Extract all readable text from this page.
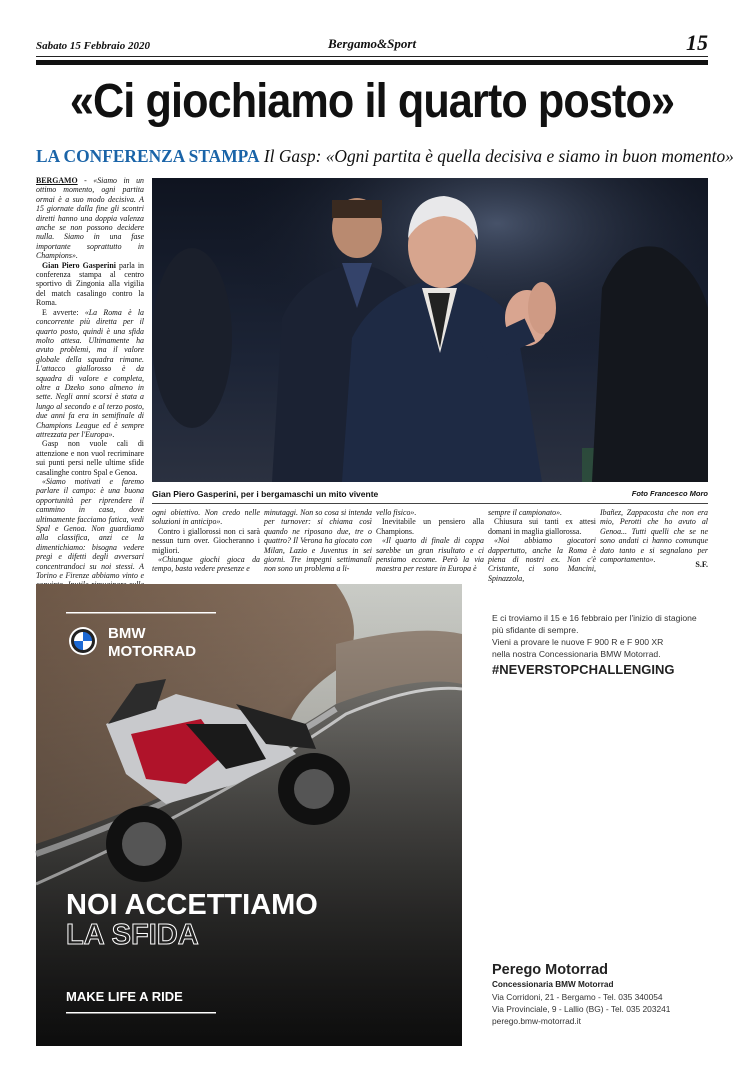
Sabato 15 Febbraio 2020	Bergamo&Sport	15
«Ci giochiamo il quarto posto»
LA CONFERENZA STAMPA Il Gasp: «Ogni partita è quella decisiva e siamo in buon momento»

BERGAMO - «Siamo in un ottimo momento, ogni partita ormai è a suo modo decisiva. A 15 giornate dalla fine gli scontri diretti hanno una doppia valenza anche se non possono decidere nulla. Siamo in una fase importante soprattutto in Champions».

Gian Piero Gasperini parla in conferenza stampa al centro sportivo di Zingonia alla vigilia del match casalingo contro la Roma.

E avverte: «La Roma è la concorrente più diretta per il quarto posto, quindi è una sfida molto attesa. Ultimamente ha avuto problemi, ma il valore globale della squadra rimane. L'attacco giallorosso è da squadra di valore e completa, oltre a Dzeko sono almeno in sette. Negli anni scorsi è stata a lungo al secondo e al terzo posto, due anni fa era in semifinale di Champions League ed è sempre attrezzata per l'Europa».

Gasp non vuole cali di attenzione e non vuol recriminare sui punti persi nelle ultime sfide casalinghe contro Spal e Genoa.

«Siamo motivati e faremo parlare il campo: è una buona opportunità per riprendere il cammino in casa, dove ultimamente facciamo fatica, vedi Spal e Genoa. Non guardiamo alla classifica, anzi ce la dimentichiamo: bisogna vedere pregi e difetti degli avversari concentrandoci su noi stessi. A Torino e Firenze abbiamo vinto e

Gian Piero Gasperini, per i bergamaschi un mito vivente	Foto Francesco Moro

ogni obiettivo. Non credo nelle soluzioni in anticipo».

Contro i giallorossi non ci sarà nessun turn over. Giocheranno i migliori.

«Chiunque giochi gioca da tempo, basta vedere presenze e

minutaggi. Non so cosa si intenda per turnover: si chiama così quando ne riposano due, tre o quattro? Il Verona ha giocato con Milan, Lazio e Juventus in sei giorni. Tre impegni settimanali non sono un problema a li-

vello fisico».

Inevitabile un pensiero alla Champions.

«Il quarto di finale di coppa sarebbe un gran risultato e ci pensiamo eccome. Però la via maestra per restare in Europa è

sempre il campionato».

Chiusura sui tanti ex attesi domani in maglia giallorossa.

«Noi abbiamo giocatori dappertutto, anche la Roma è piena di nostri ex. Non c'è Cristante, ci sono Mancini, Spinazzola,

Ibañez, Zappacosta che non era mio, Perotti che ho avuto al Genoa... Tutti quelli che se ne sono andati ci hanno comunque dato tanto e si segnalano per comportamento».

S.F.
BMW
MOTORRAD
NOI ACCETTIAMO
LA SFIDA
MAKE LIFE A RIDE
E ci troviamo il 15 e 16 febbraio per l'inizio di stagione
più sfidante di sempre.
Vieni a provare le nuove F 900 R e F 900 XR
nella nostra Concessionaria BMW Motorrad.
#NEVERSTOPCHALLENGING
Perego Motorrad
Concessionaria BMW Motorrad
Via Corridoni, 21 - Bergamo - Tel. 035 340054
Via Provinciale, 9 - Lallio (BG) - Tel. 035 203241
perego.bmw-motorrad.it
